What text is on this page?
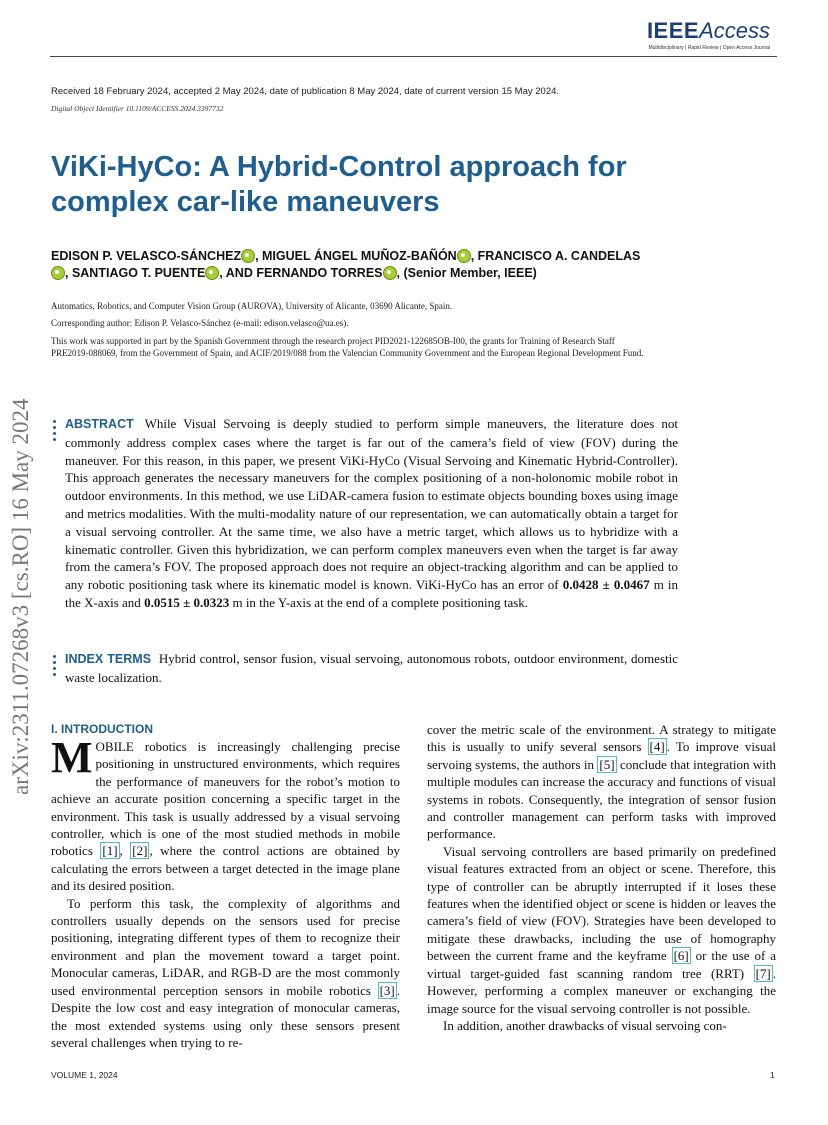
IEEEAccess
Multidisciplinary | Rapid Review | Open Access Journal
Received 18 February 2024, accepted 2 May 2024, date of publication 8 May 2024, date of current version 15 May 2024.
Digital Object Identifier 10.1109/ACCESS.2024.3397732
ViKi-HyCo: A Hybrid-Control approach for complex car-like maneuvers
EDISON P. VELASCO-SÁNCHEZ , MIGUEL ÁNGEL MUÑOZ-BAÑÓN , FRANCISCO A. CANDELAS, SANTIAGO T. PUENTE , AND FERNANDO TORRES , (Senior Member, IEEE)
Automatics, Robotics, and Computer Vision Group (AUROVA), University of Alicante, 03690 Alicante, Spain.
Corresponding author: Edison P. Velasco-Sánchez (e-mail: edison.velasco@ua.es).
This work was supported in part by the Spanish Government through the research project PID2021-122685OB-I00, the grants for Training of Research Staff PRE2019-088069, from the Government of Spain, and ACIF/2019/088 from the Valencian Community Government and the European Regional Development Fund.
arXiv:2311.07268v3 [cs.RO] 16 May 2024	ABSTRACT While Visual Servoing is deeply studied to perform simple maneuvers, the literature does not commonly address complex cases where the target is far out of the camera’s field of view (FOV) during the maneuver. For this reason, in this paper, we present ViKi-HyCo (Visual Servoing and Kinematic Hybrid-Controller). This approach generates the necessary maneuvers for the complex positioning of a non-holonomic mobile robot in outdoor environments. In this method, we use LiDAR-camera fusion to estimate objects bounding boxes using image and metrics modalities. With the multi-modality nature of our representation, we can automatically obtain a target for a visual servoing controller. At the same time, we also have a metric target, which allows us to hybridize with a kinematic controller. Given this hybridization, we can perform complex maneuvers even when the target is far away from the camera’s FOV. The proposed approach does not require an object-tracking algorithm and can be applied to any robotic positioning task where its kinematic model is known. ViKi-HyCo has an error of 0.0428 ± 0.0467 m in the X-axis and 0.0515 ± 0.0323 m in the Y-axis at the end of a complete positioning task.
INDEX TERMS Hybrid control, sensor fusion, visual servoing, autonomous robots, outdoor environment, domestic waste localization.
I. INTRODUCTION

MOBILE robotics is increasingly challenging precise positioning in unstructured environments, which requires the performance of maneuvers for the robot’s motion to achieve an accurate position concerning a specific target in the environment. This task is usually addressed by a visual servoing controller, which is one of the most studied methods in mobile robotics [1] , [2] , where the control actions are obtained by calculating the errors between a target detected in the image plane and its desired position.

To perform this task, the complexity of algorithms and controllers usually depends on the sensors used for precise positioning, integrating different types of them to recognize their environment and plan the movement toward a target point. Monocular cameras, LiDAR, and RGB-D are the most commonly used environmental perception sensors in mobile robotics [3] . Despite the low cost and easy integration of monocular cameras, the most extended systems using only these sensors present several challenges when trying to re-

cover the metric scale of the environment. A strategy to mitigate this is usually to unify several sensors [4] . To improve visual servoing systems, the authors in [5] conclude that integration with multiple modules can increase the accuracy and functions of visual systems in robots. Consequently, the integration of sensor fusion and controller management can perform tasks with improved performance.

Visual servoing controllers are based primarily on predefined visual features extracted from an object or scene. Therefore, this type of controller can be abruptly interrupted if it loses these features when the identified object or scene is hidden or leaves the camera’s field of view (FOV). Strategies have been developed to mitigate these drawbacks, including the use of homography between the current frame and the keyframe [6] or the use of a virtual target-guided fast scanning random tree (RRT) [7] . However, performing a complex maneuver or exchanging the image source for the visual servoing controller is not possible.

In addition, another drawbacks of visual servoing con-

VOLUME 1, 2024	1
